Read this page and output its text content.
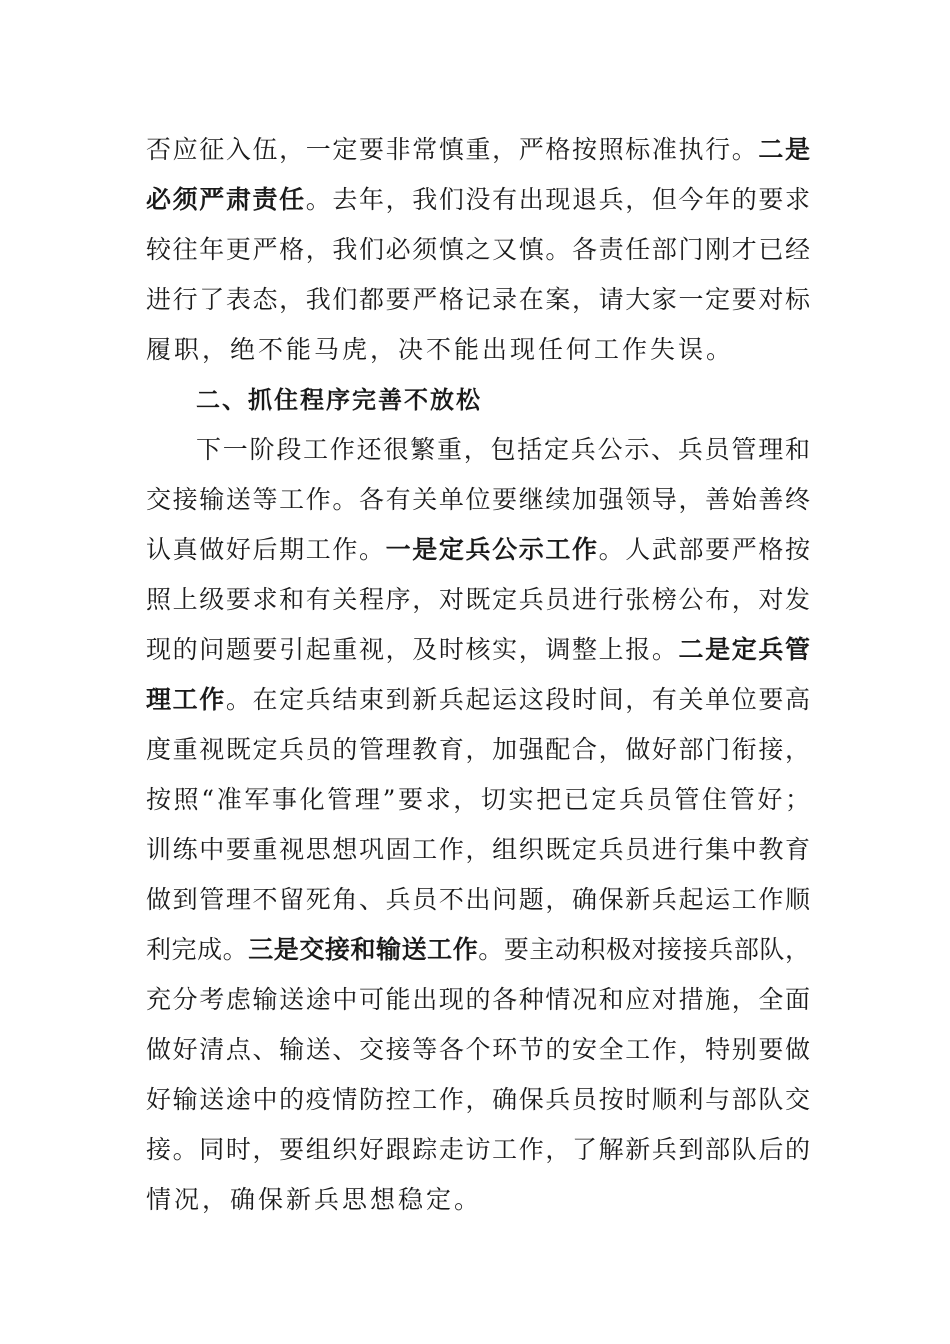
否应征入伍，一定要非常慎重，严格按照标准执行。二是
必须严肃责任。去年，我们没有出现退兵，但今年的要求
较往年更严格，我们必须慎之又慎。各责任部门刚才已经
进行了表态，我们都要严格记录在案，请大家一定要对标
履职，绝不能马虎，决不能出现任何工作失误。
二、抓住程序完善不放松
下一阶段工作还很繁重，包括定兵公示、兵员管理和
交接输送等工作。各有关单位要继续加强领导，善始善终
认真做好后期工作。一是定兵公示工作。人武部要严格按
照上级要求和有关程序，对既定兵员进行张榜公布，对发
现的问题要引起重视，及时核实，调整上报。二是定兵管
理工作。在定兵结束到新兵起运这段时间，有关单位要高
度重视既定兵员的管理教育，加强配合，做好部门衔接，
按照“准军事化管理”要求，切实把已定兵员管住管好；
训练中要重视思想巩固工作，组织既定兵员进行集中教育
做到管理不留死角、兵员不出问题，确保新兵起运工作顺
利完成。三是交接和输送工作。要主动积极对接接兵部队，
充分考虑输送途中可能出现的各种情况和应对措施，全面
做好清点、输送、交接等各个环节的安全工作，特别要做
好输送途中的疫情防控工作，确保兵员按时顺利与部队交
接。同时，要组织好跟踪走访工作，了解新兵到部队后的
情况，确保新兵思想稳定。
